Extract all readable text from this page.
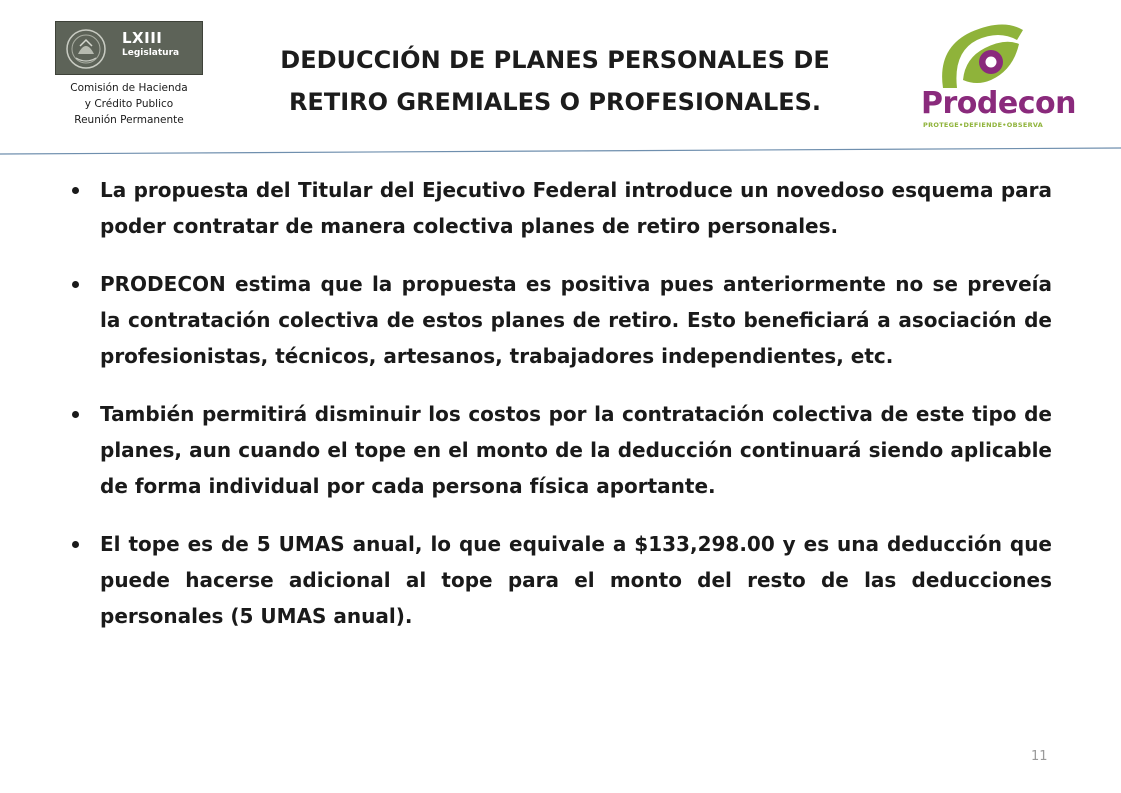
LXIII
Legislatura
Comisión de Hacienda
y Crédito Publico
Reunión Permanente
DEDUCCIÓN DE PLANES PERSONALES DE
RETIRO GREMIALES O PROFESIONALES.	Prodecon
PROTEGE•DEFIENDE•OBSERVA
La propuesta del Titular del Ejecutivo Federal introduce un novedoso esquema para poder contratar de manera colectiva planes de retiro personales.
PRODECON estima que la propuesta es positiva pues anteriormente no se preveía la contratación colectiva de estos planes de retiro. Esto beneficiará a asociación de profesionistas, técnicos, artesanos, trabajadores independientes, etc.
También permitirá disminuir los costos por la contratación colectiva de este tipo de planes, aun cuando el tope en el monto de la deducción continuará siendo aplicable de forma individual por cada persona física aportante.
El tope es de 5 UMAS anual, lo que equivale a $133,298.00 y es una deducción que puede hacerse adicional al tope para el monto del resto de las deducciones personales (5 UMAS anual).
11
